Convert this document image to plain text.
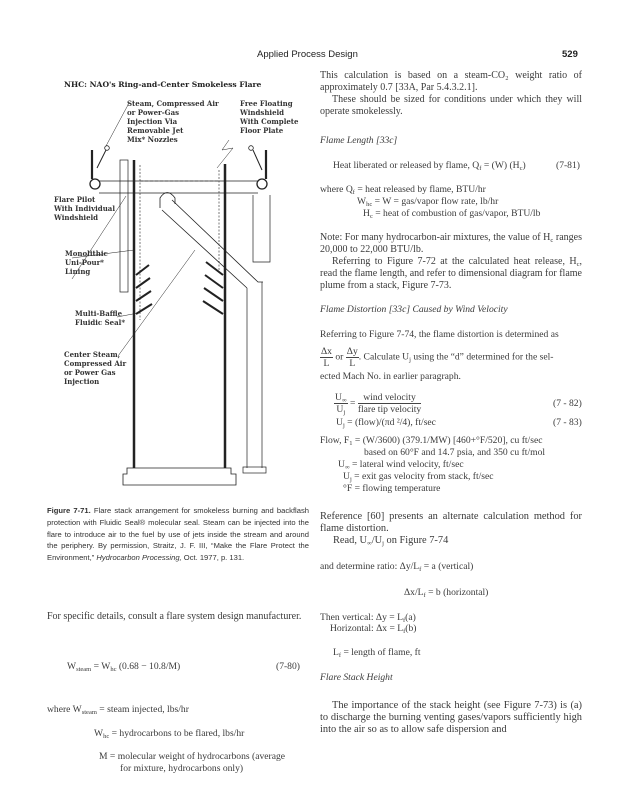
Applied Process Design	529
NHC: NAO's Ring-and-Center Smokeless Flare
Steam, Compressed Air or Power-Gas Injection Via Removable Jet Mix* Nozzles
Free Floating Windshield With Complete Floor Plate
Flare Pilot With Individual Windshield
Monolithic Uni-Pour* Lining
Multi-Baffle Fluidic Seal*
Center Steam, Compressed Air or Power Gas Injection
Figure 7-71. Flare stack arrangement for smokeless burning and backflash protection with Fluidic Seal® molecular seal. Steam can be injected into the flare to introduce air to the fuel by use of jets inside the stream and around the periphery. By permission, Straitz, J. F. III, “Make the Flare Protect the Environment,” Hydrocarbon Processing, Oct. 1977, p. 131.
For specific details, consult a flare system design manufacturer.
$W_{steam} = W_{hc}$ (0.68 − 10.8/M)	(7-80)
where $W_{steam}$ = steam injected, lbs/hr
$W_{hc}$ = hydrocarbons to be flared, lbs/hr
M = molecular weight of hydrocarbons (average
for mixture, hydrocarbons only)
This calculation is based on a steam-CO₂ weight ratio of approximately 0.7 [33A, Par 5.4.3.2.1].
These should be sized for conditions under which they will operate smokelessly.
Flame Length [33c]
Heat liberated or released by flame, $Q_f = (W)$ $(H_c)$	(7-81)
where $Q_f$ = heat released by flame, BTU/hr
$W_{hc} = W$ = gas/vapor flow rate, lb/hr
$H_c$ = heat of combustion of gas/vapor, BTU/lb
Note: For many hydrocarbon-air mixtures, the value of $H_c$ ranges 20,000 to 22,000 BTU/lb.
Referring to Figure 7-72 at the calculated heat release, $H_c$, read the flame length, and refer to dimensional diagram for flame plume from a stack, Figure 7-73.
Flame Distortion [33c] Caused by Wind Velocity
Referring to Figure 7-74, the flame distortion is determined as
$\frac{\Delta x}{L}$ or $\frac{\Delta y}{L}$ . Calculate $U_j$ using the “d” determined for the sel-
ected Mach No. in earlier paragraph.
$\frac{U_\infty}{U_j} = \frac{\text{wind velocity}}{\text{flare tip velocity}}$	(7 - 82)
$U_j$ = (flow)/(πd ²/4), ft/sec	(7 - 83)
Flow, $F_1 = (W/3600)$ (379.1/MW) [460+°F/520], cu ft/sec
based on 60°F and 14.7 psia, and 350 cu ft/mol
$U_\infty$ = lateral wind velocity, ft/sec
$U_j$ = exit gas velocity from stack, ft/sec
°F = flowing temperature
Reference [60] presents an alternate calculation method for flame distortion.
Read, $U_\infty/U_j$ on Figure 7-74
and determine ratio: $\Delta y/L_f = a$ (vertical)
$\Delta x/L_f = b$ (horizontal)
Then vertical: $\Delta y = L_f(a)$
Horizontal: $\Delta x = L_f(b)$
$L_f$ = length of flame, ft
Flare Stack Height
The importance of the stack height (see Figure 7-73) is (a) to discharge the burning venting gases/vapors sufficiently high into the air so as to allow safe dispersion and
